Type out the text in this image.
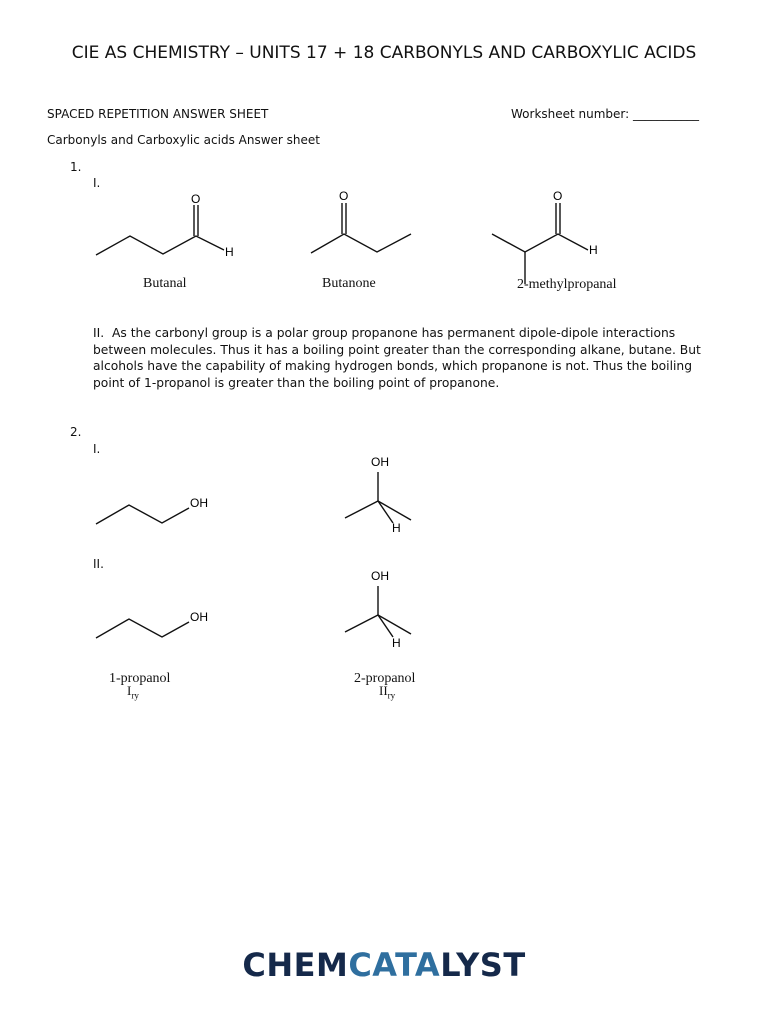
CIE AS CHEMISTRY – UNITS 17 + 18 CARBONYLS AND CARBOXYLIC ACIDS
SPACED REPETITION ANSWER SHEET	Worksheet number: ___________
Carbonyls and Carboxylic acids Answer sheet
1.
I.
O
H
O	O
H
Butanal	Butanone	2-methylpropanal
II. As the carbonyl group is a polar group propanone has permanent dipole-dipole interactions between molecules. Thus it has a boiling point greater than the corresponding alkane, butane. But alcohols have the capability of making hydrogen bonds, which propanone is not. Thus the boiling point of 1-propanol is greater than the boiling point of propanone.
2.
I.
II.
OH
OH
H
OH
OH
H
1-propanol
$I_{ry}$
2-propanol
$II_{ry}$
CHEMCATALYST
